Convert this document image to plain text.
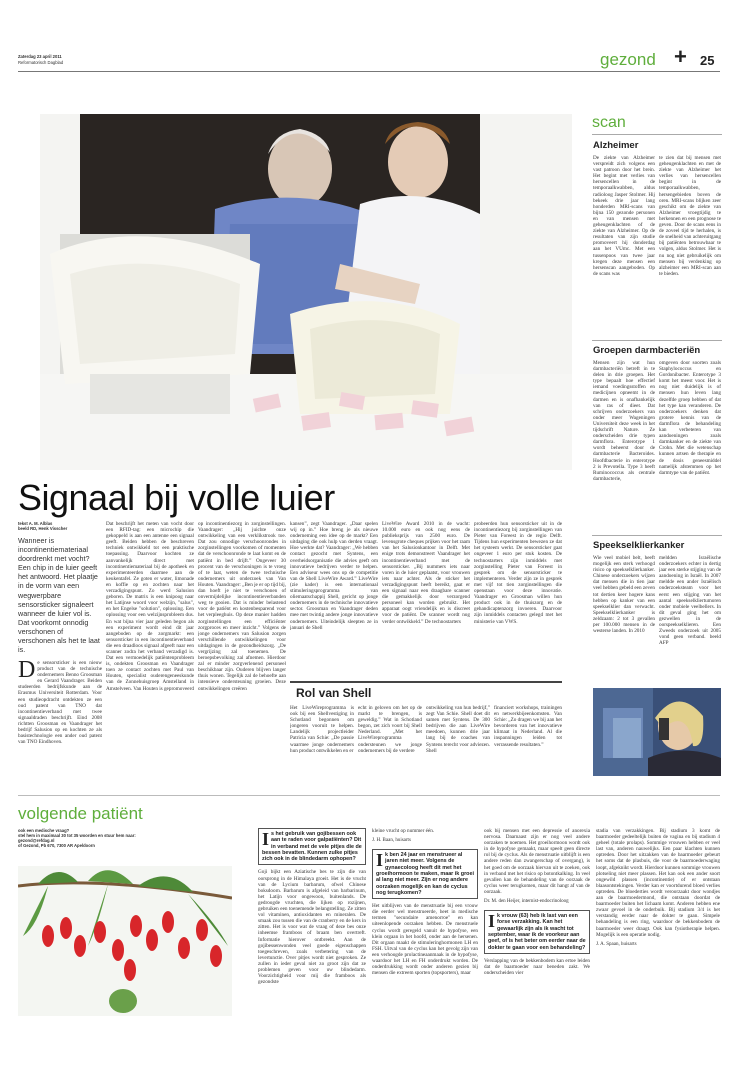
Zaterdag 23 april 2011
Reformatorisch Dagblad	gezond + 25
Signaal bij volle luier
tekst A. M. Alblas
beeld RD, Henk Visscher
Wanneer is incontinentiemateriaal doordrenkt met vocht? Een chip in de luier geeft het antwoord. Het plaatje in de vorm van een wegwerpbare sensorsticker signaleert wanneer de luier vol is. Dat voorkomt onnodig verschonen of verschonen als het te laat is.
De sensorsticker is een nieuw product van de technische ondernemers Benno Groosman en Gerard Vaandrager. Beiden studeerden bedrijfskunde aan de Erasmus Universiteit Rotterdam. Voor een studieopdracht ontdekten ze een oud patent van TNO dat incontinentieverband met twee signaaldraden beschrijft. Eind 2008 richtten Groosman en Vaandrager het bedrijf Salusion op en kochten ze als basistechnologie een ander oud patent van TNO Eindhoven.
Dat beschrijft het meten van vocht door een RFID-tag: een microchip die gekoppeld is aan een antenne een signaal geeft. Beiden hebben de beschreven techniek ontwikkeld tot een praktische toepassing. Daarvoor kochten ze aanvankelijk direct met incontinentiemateriaal bij de apotheek en experimenteerden daarmee aan de keukentafel. Ze goten er water, limonade en koffie op en zochten naar het verzadigingspunt. Zo werd Salusion geboren. De matrix is een knipoog naar het Latijnse woord voor welzijn, "salus", en het Engelse "solution", oplossing. Een oplossing voor een welzijnsprobleem dus. En wat bijna vier jaar geleden begon als een experiment wordt eind dit jaar aangeboden op de zorgmarkt: een sensorsticker in een incontinentieverband die een draadloos signaal afgeeft naar een scanner zodra het verband verzadigd is. Dat een vermoedelijk patiëntenprobleem is, ondekten Groosman en Vaandrager toen ze contact zochten met Paul van Houten, specialist ouderengeneeskunde van de Zonnehuisgroep Amstelland in Amstelveen. Van Houten is gepromoveerd
op incontinentiezorg in zorginstellingen. Vaandrager: „Hij juichte onze ontwikkeling van een verklikstrook toe. Dat zou onnodige verschoonrondes in zorginstellingen voorkomen of momenten dat de verschoonronde te laat komt en de patiënt in bed drijft.” Ongeveer 30 procent van de verschoningen is te vroeg of te laat, weten de twee technische ondernemers uit onderzoek van Van Houten. Vaandrager: „Ben je er op tijd bij, dan hoeft je niet te verschonen of onvermijdelijke incontinentieverbanden weg te gooien. Dat is minder belastend voor de patiënt en kostenbesparend voor het verpleeghuis. Op deze manier hadden zorginstellingen een efficiënter zorgproces en meer inzicht.” Volgens de jonge ondernemers van Salusion zorgen verschillende ontwikkelingen voor uitdagingen in de gezondheidszorg. „De vergrijzing zal toenemen. De beroepsbevolking zal afnemen. Hierdoor zal er minder zorgverlenend personeel beschikbaar zijn. Ouderen blijven langer thuis wonen. Tegelijk zal de behoefte aan intensieve ondersteuning groeien. Deze ontwikkelingen creëren
kansen”, zegt Vaandrager. „Daar spelen wij op in.” Hoe breng je als nieuwe onderneming een idee op de markt? Een uitdaging die ook hulp van derden vraagt. Hoe werkte dat? Vaandrager: „We hebben contact gezocht met Syntens, een overheidsorganisatie die advies geeft om innovatieve bedrijven verder te helpen. Een adviseur wees ons op de competitie van de Shell LiveWire Award.” LiveWire (zie kader) is een internationaal stimuleringsprogramma van oliemaatschappij Shell, gericht op jonge ondernemers in de technische innovatieve sector. Groosman en Vaandrager deden mee met twintig andere jonge innovatieve ondernemers. Uiteindelijk sleepten ze in januari de Shell
LiveWire Award 2010 in de wacht: 10.000 euro en ook nog eens de publieksprijs van 2500 euro. De levensgrote cheques prijken voor het raam van het Salusionkantoor in Delft. Met enige trots demonstreert Vaandrager het incontinentieverband met de sensorsticker. „Bij nummers iets naar voren in de luier geplaatst, voor vrouwen iets naar achter. Als de sticker het verzadigingspunt heeft bereikt, gaat er een signaal naar een draagbare scanner die gemakkelijk door verzorgend personeel kan worden gebruikt. Het apparaat oogt vriendelijk en is discreet voor de patiënt. De scanner wordt nog verder ontwikkeld.” De technostarters
probeerden hun sensorsticker uit in de incontinentiezorg bij zorginstellingen van Pieter van Foreest in de regio Delft. Tijdens hun experimenten bewezen ze dat het systeem werkt. De sensorsticker gaat ongeveer 1 euro per stuk kosten. De technostarters zijn inmiddels met zorginstelling Pieter van Foreest in gesprek om de sensorsticker te implementeren. Verder zijn ze in gesprek met vijf tot tien zorginstellingen die openstaan voor deze innovatie. Vaandrager en Groosman willen hun product ook in de thuiszorg en de gehandicaptenzorg invoeren. Daarvoor zijn inmiddels contacten gelegd met het ministerie van VWS.
Rol van Shell
Het LiveWireprogramma is ook bij een Shellvestiging in Schotland begonnen om jongeren vooruit te helpen. Landelijk projectleider Patricia van Schie: „De passie waarmee jonge ondernemers hun product ontwikkelen en er
echt in geloven om het op de markt te brengen, is geweldig.” Wat in Schotland begon, zet zich voort bij Shell Nederland. „Met het LiveWireprogramma ondersteunen we jonge ondernemers bij de verdere
ontwikkeling van hun bedrijf,” zegt Van Schie. Shell doet dit samen met Syntens. De 300 bedrijven die aan LiveWire meedoen, kunnen drie jaar lang bij de coaches van Syntens terecht voor adviezen. Shell
financiert workshops, trainingen en netwerkbijeenkomsten. Van Schie: „Zo dragen we bij aan het bevorderen van het innovatieve klimaat in Nederland. Al die inspanningen leiden tot verrassende resultaten.”
scan
Alzheimer
De ziekte van Alzheimer verspreidt zich volgens een vast patroon door het brein. Het begint met verlies van hersencellen in de temporaalkwabben, aldus radioloog Jasper Stolmer. Hij bekeek drie jaar lang honderden MRI-scans van bijna 150 gezonde personen en van mensen met geheugenklachten of de ziekte van Alzheimer. Op de resultaten van zijn studie promoveert hij donderdag aan het VUmc. Met een tussenpoos van twee jaar kregen deze mensen een hersenscan aangeboden. Op de scans was
te zien dat bij mensen met geheugenklachten en met de ziekte van Alzheimer het verlies van hersencellen begint in de temporaalkwabben, hersengebieden boven de oren. MRI-scans blijken zeer geschikt om de ziekte van Alzheimer vroegtijdig te herkennen en een prognose te geven. Door de scans eens in de zoveel tijd te herhalen, is de snelheid van achteruitgang bij patiënten betrouwbaar te volgen, aldus Stolmer. Het is nu nog niet gebruikelijk om mensen bij verdenking op alzheimer een MRI-scan aan te bieden.
Groepen darmbacteriën
Mensen zijn wat hun darmbacteriën betreft in te delen in drie groepen. Het type bepaalt hoe effectief iemand voedingsstoffen en medicijnen opneemt in de darmen en is onafhankelijk van ras of dieet. Dat schrijven onderzoekers van onder meer Wageningen Universiteit deze week in het tijdschrift Nature. Ze onderscheiden drie typen darmflora. Enterotype 1 wordt beheerst door de darmbacterie Bacteroides. Hoofdbacterie in enterotype 2 is Prevotella. Type 3 heeft Ruminococcus als centrale darmbacterie,
omgeven door soorten zoals Staphylococcus en Gordonibacter. Enterotype 3 komt het meest voor. Het is nog niet duidelijk is of mensen hun leven lang dezelfde groep hebben of dat het type kan veranderen. De onderzoekers denken dat grotere kennis van de darmflora de behandeling kan verbeteren van aandoeningen zoals darmkanker en de ziekte van Crohn. Met die wetenschap kunnen artsen de therapie en de dosis geneesmiddel namelijk afstemmen op het darmtype van de patiënt.
Speekselklierkanker
Wie veel mobiel belt, heeft mogelijk een sterk verhoogd risico op speekselklierkanker. Chinese onderzoekers wijzen dat mensen die in tien jaar veel hebben gebeld een zeven tot dertien keer hogere kans hebben op kanker van een speekselklier dan verwacht. Speekselklierkanker is zeldzaam: 2 tot 3 gevallen per 100.000 mensen in de westerse landen. In 2010
meldden Israëlische onderzoekers echter in dertig jaar een sterke stijging van de aandoening in Israël. In 2007 meldde een ander Israëlisch onderzoeksteam voor het eerst een stijging van het aantal speekselkliertumoren onder mobiele veelbellers. In dit geval ging het om gezwellen in de oorspeekselklieren. Een Zweeds onderzoek uit 2005 vond geen verband. beeld AFP
volgende patiënt
ook een medische vraag?
stel hem in maximaal 30 tot 35 woorden en stuur hem naar:
gezond@refdag.nl
of Gezond, Pb 670, 7300 AR Apeldoorn	Is het gebruik van gojibessen ook aan te raden voor galpatiënten? Dit in verband met de vele pitjes die de bessen bevatten. Kunnen zulke pitjes zich ook in de blindedarm ophopen?
Goji bijkt een Aziatische bes te zijn die van oorsprong in de Himalaya groeit. Het is de vrucht van de Lycium barbarum, ofwel Chinese boksdoorn. Barbarum is afgeleid van barbarinum, het Latijn voor ongewoon, buitenlands. De gedroogde vruchten, die lijken op rozijnen, gebruiken een toenemende belangstelling. Ze zitten vol vitaminen, antioxidanten en mineralen. De smaak zou tussen die van de cranberry en de kers in zitten. Het is voor wat de vraag of deze bes onze inheemse framboos of braam ben overtreft. Informatie hierover ontbreekt. Aan de gojibessenwonden veel goede eigenschappen toegeschreven, zoals verbetering van de levertunctie. Over pitjes wordt niet gesproken. Ze zullen in ieder geval niet zo groot zijn dat ze problemen geven voor uw blindedarm. Voorzichtigheid voor mij die framboos als gezondste
kleine vrucht op nummer één.
J. H. Baan, huisarts
Ik ben 24 jaar en menstrueer al jaren niet meer. Volgens de gynaecoloog heeft dit met het groeihormoon te maken, maar ik groei al lang niet meer. Zijn er nog andere oorzaken mogelijk en kan de cyclus nog terugkomen?
Het uitblijven van de menstruatie bij een vrouw die eerder wel menstrueerde, heet in medische termen "secundaire amenorroe" en kan uiteenlopende oorzaken hebben. De menstruele cyclus wordt geregeld vanuit de hypofyse, een klein orgaan in het hoofd, onder aan de hersenen. Dit orgaan maakt de stimuleringhormonen LH en FSH. Uitval van de cyclus kan het gevolg zijn van een verhoogde prolactineaanmaak in de hypofyse, waardoor het LH en FH onderdrukt worden. De onderdrukking wordt onder anderen gezien bij mensen die extreem sporten (topsporters), maar
ook bij mensen met een depressie of anorexia nervosa. Daarnaast zijn er nog veel andere oorzaken te noemen. Het groeihormoon wordt ook in de hypofyse gemaakt, maar speelt geen directe rol bij de cyclus. Als de menstruatie uitblijft is een andere reden dan zwangerschap of overgang), is het goed om de oorzaak hiervan uit te zoeken, ook in verband met het risico op botontkalking. In veel gevallen kan de behandeling van de oorzaak de cyclus weer terugkomen, maar dit hangt af van de oorzaak.
Dr. M. den Heijer, internist-endocrinoloog
Ik vrouw (63) heb ik last van een forse verzakking. Kan het gewaarlijk zijn als ik wacht tot september, waar ik de voorkeur aan geef, of is het beter om eerder naar de dokter te gaan voor een behandeling?
Verslapping van de bekkenbodem kan ertoe leiden dat de baarmoeder naar beneden zakt. We onderscheiden vier
stadia van verzakkingen. Bij stadium 3 komt de baarmoeder gedeeltelijk buiten de vagina en bij stadium 4 geheel (totale prolaps). Sommige vrouwen hebben er veel last van, anderen nauwelijks. Een paar klachten kunnen optreden. Door het uitzakken van de baarmoeder gebeurt het soms dat de plasbuis, die voor de baarmoederwaging loopt, afgeknikt wordt. Hierdoor kunnen sommige vrouwen plotseling niet meer plassen. Het kan ook een ander soort ongewild plassen (incontinentie) of er ontstaan blaasontstekingen. Verder kan er voortdurend bloed verlies optreden. De bloederties wordt veroorzaakt door wondjes aan de baarmoedermond, die ontstaan doordat de baarmoeder buiten het lichaam komt. Anderen hebben ene zwaar gevoel in de onderbuik. Bij stadium 3/4 is het verstandig eerder naar de dokter te gaan. Simpele behandeling is een ring, waardoor de bekkenbodem de baarmoeder weer draagt. Ook kan fysiotherapie helpen. Mogelijk is een operatie nodig.
J. A. Spaan, huisarts
